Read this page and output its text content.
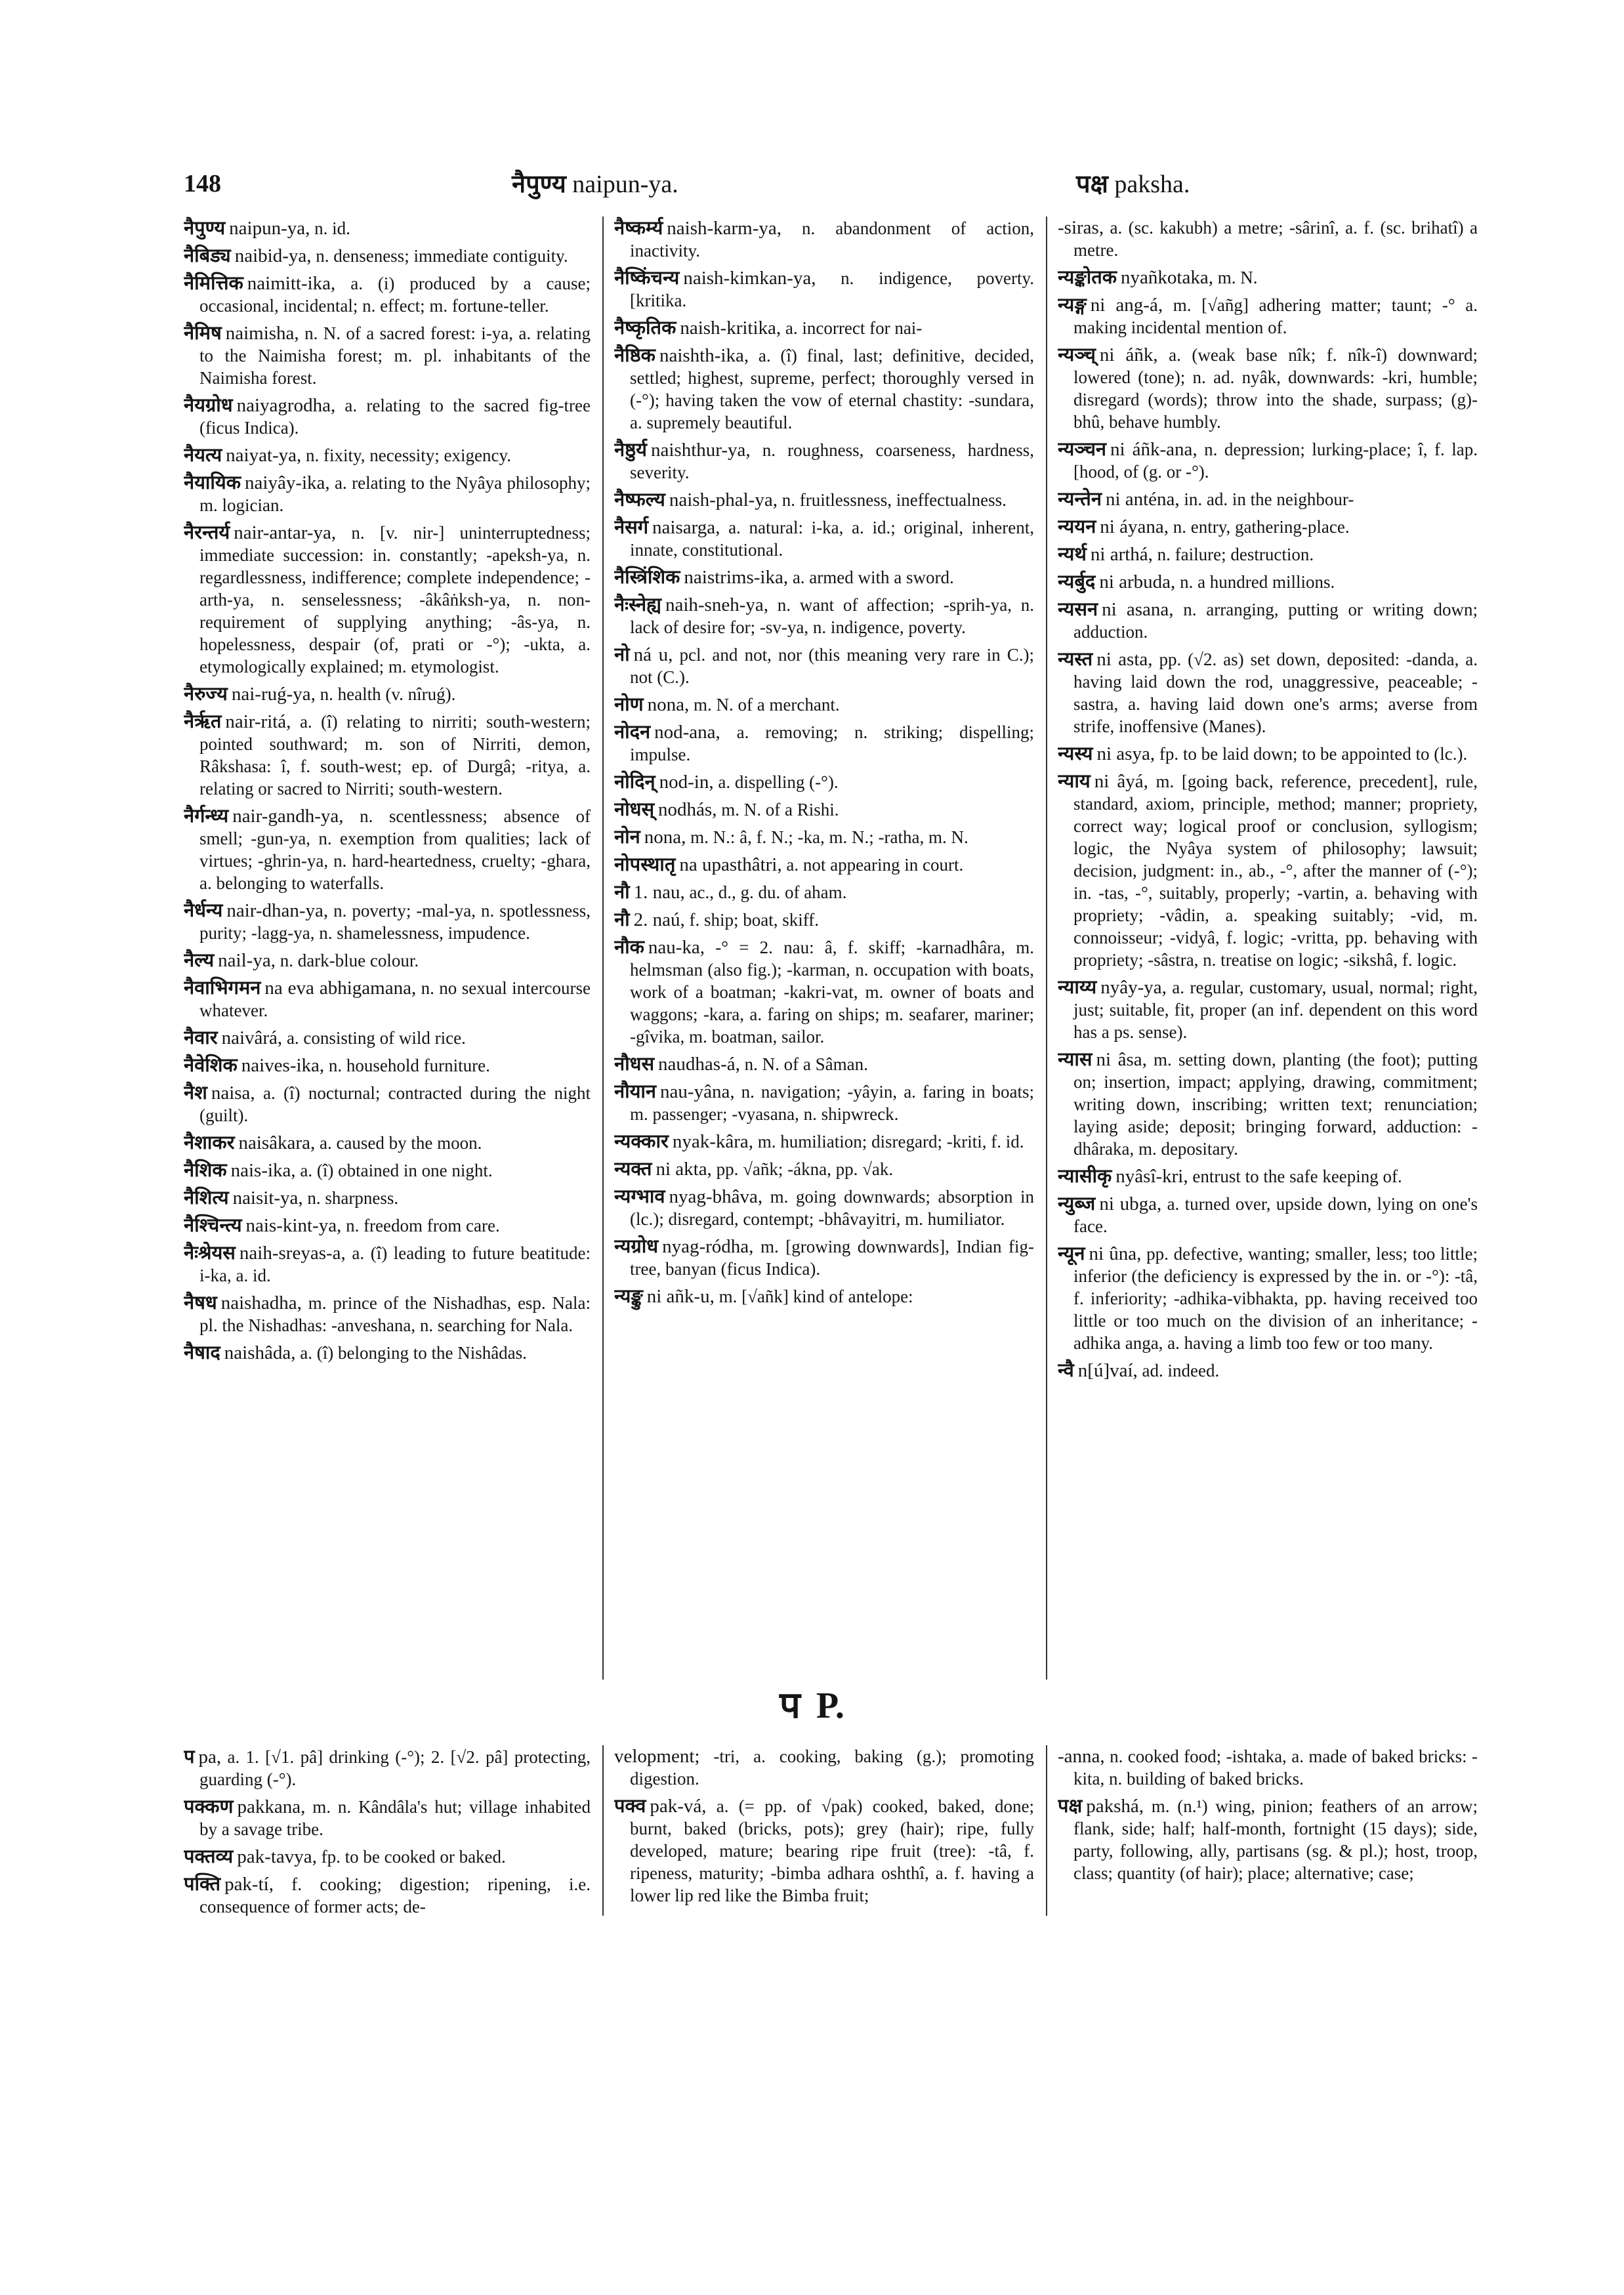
148	नैपुण्य naipun-ya.	पक्ष paksha.

नैपुण्य naipun-ya, n. id.

नैबिड्य naibid-ya, n. denseness; immediate contiguity.

नैमित्तिक naimitt-ika, a. (i) produced by a cause; occasional, incidental; n. effect; m. fortune-teller.

नैमिष naimisha, n. N. of a sacred forest: i-ya, a. relating to the Naimisha forest; m. pl. inhabitants of the Naimisha forest.

नैयग्रोध naiyagrodha, a. relating to the sacred fig-tree (ficus Indica).

नैयत्य naiyat-ya, n. fixity, necessity; exigency.

नैयायिक naiyây-ika, a. relating to the Nyâya philosophy; m. logician.

नैरन्तर्य nair-antar-ya, n. [v. nir-] uninterruptedness; immediate succession: in. constantly; -apeksh-ya, n. regardlessness, indifference; complete independence; -arth-ya, n. senselessness; -âkâṅksh-ya, n. non-requirement of supplying anything; -âs-ya, n. hopelessness, despair (of, prati or -°); -ukta, a. etymologically explained; m. etymologist.

नैरुज्य nai-ruǵ-ya, n. health (v. nîruǵ).

नैर्ऋत nair-ritá, a. (î) relating to nirriti; south-western; pointed southward; m. son of Nirriti, demon, Râkshasa: î, f. south-west; ep. of Durgâ; -ritya, a. relating or sacred to Nirriti; south-western.

नैर्गन्ध्य nair-gandh-ya, n. scentlessness; absence of smell; -gun-ya, n. exemption from qualities; lack of virtues; -ghrin-ya, n. hard-heartedness, cruelty; -ghara, a. belonging to waterfalls.

नैर्धन्य nair-dhan-ya, n. poverty; -mal-ya, n. spotlessness, purity; -lagg-ya, n. shamelessness, impudence.

नैल्य nail-ya, n. dark-blue colour.

नैवाभिगमन na eva abhigamana, n. no sexual intercourse whatever.

नैवार naivârá, a. consisting of wild rice.

नैवेशिक naives-ika, n. household furniture.

नैश naisa, a. (î) nocturnal; contracted during the night (guilt).

नैशाकर naisâkara, a. caused by the moon.

नैशिक nais-ika, a. (î) obtained in one night.

नैशित्य naisit-ya, n. sharpness.

नैश्चिन्त्य nais-kint-ya, n. freedom from care.

नैःश्रेयस naih-sreyas-a, a. (î) leading to future beatitude: i-ka, a. id.

नैषध naishadha, m. prince of the Nishadhas, esp. Nala: pl. the Nishadhas: -anveshana, n. searching for Nala.

नैषाद naishâda, a. (î) belonging to the Nishâdas.

नैष्कर्म्य naish-karm-ya, n. abandonment of action, inactivity.

नैष्किंचन्य naish-kimkan-ya, n. indigence, poverty. [kritika.

नैष्कृतिक naish-kritika, a. incorrect for nai-

नैष्ठिक naishth-ika, a. (î) final, last; definitive, decided, settled; highest, supreme, perfect; thoroughly versed in (-°); having taken the vow of eternal chastity: -sundara, a. supremely beautiful.

नैष्ठुर्य naishthur-ya, n. roughness, coarseness, hardness, severity.

नैष्फल्य naish-phal-ya, n. fruitlessness, ineffectualness.

नैसर्ग naisarga, a. natural: i-ka, a. id.; original, inherent, innate, constitutional.

नैस्त्रिंशिक naistrims-ika, a. armed with a sword.

नैःस्नेह्य naih-sneh-ya, n. want of affection; -sprih-ya, n. lack of desire for; -sv-ya, n. indigence, poverty.

नो ná u, pcl. and not, nor (this meaning very rare in C.); not (C.).

नोण nona, m. N. of a merchant.

नोदन nod-ana, a. removing; n. striking; dispelling; impulse.

नोदिन् nod-in, a. dispelling (-°).

नोधस् nodhás, m. N. of a Rishi.

नोन nona, m. N.: â, f. N.; -ka, m. N.; -ratha, m. N.

नोपस्थातृ na upasthâtri, a. not appearing in court.

नौ 1. nau, ac., d., g. du. of aham.

नौ 2. naú, f. ship; boat, skiff.

नौक nau-ka, -° = 2. nau: â, f. skiff; -karnadhâra, m. helmsman (also fig.); -karman, n. occupation with boats, work of a boatman; -kakri-vat, m. owner of boats and waggons; -kara, a. faring on ships; m. seafarer, mariner; -gîvika, m. boatman, sailor.

नौधस naudhas-á, n. N. of a Sâman.

नौयान nau-yâna, n. navigation; -yâyin, a. faring in boats; m. passenger; -vyasana, n. shipwreck.

न्यक्कार nyak-kâra, m. humiliation; disregard; -kriti, f. id.

न्यक्त ni akta, pp. √añk; -ákna, pp. √ak.

न्यग्भाव nyag-bhâva, m. going downwards; absorption in (lc.); disregard, contempt; -bhâvayitri, m. humiliator.

न्यग्रोध nyag-ródha, m. [growing downwards], Indian fig-tree, banyan (ficus Indica).

न्यङ्कु ni añk-u, m. [√añk] kind of antelope:

-siras, a. (sc. kakubh) a metre; -sârinî, a. f. (sc. brihatî) a metre.

न्यङ्कोतक nyañkotaka, m. N.

न्यङ्ग ni ang-á, m. [√añg] adhering matter; taunt; -° a. making incidental mention of.

न्यञ्च् ni áñk, a. (weak base nîk; f. nîk-î) downward; lowered (tone); n. ad. nyâk, downwards: -kri, humble; disregard (words); throw into the shade, surpass; (g)-bhû, behave humbly.

न्यञ्चन ni áñk-ana, n. depression; lurking-place; î, f. lap. [hood, of (g. or -°).

न्यन्तेन ni anténa, in. ad. in the neighbour-

न्ययन ni áyana, n. entry, gathering-place.

न्यर्थ ni arthá, n. failure; destruction.

न्यर्बुद ni arbuda, n. a hundred millions.

न्यसन ni asana, n. arranging, putting or writing down; adduction.

न्यस्त ni asta, pp. (√2. as) set down, deposited: -danda, a. having laid down the rod, unaggressive, peaceable; -sastra, a. having laid down one's arms; averse from strife, inoffensive (Manes).

न्यस्य ni asya, fp. to be laid down; to be appointed to (lc.).

न्याय ni âyá, m. [going back, reference, precedent], rule, standard, axiom, principle, method; manner; propriety, correct way; logical proof or conclusion, syllogism; logic, the Nyâya system of philosophy; lawsuit; decision, judgment: in., ab., -°, after the manner of (-°); in. -tas, -°, suitably, properly; -vartin, a. behaving with propriety; -vâdin, a. speaking suitably; -vid, m. connoisseur; -vidyâ, f. logic; -vritta, pp. behaving with propriety; -sâstra, n. treatise on logic; -sikshâ, f. logic.

न्याय्य nyây-ya, a. regular, customary, usual, normal; right, just; suitable, fit, proper (an inf. dependent on this word has a ps. sense).

न्यास ni âsa, m. setting down, planting (the foot); putting on; insertion, impact; applying, drawing, commitment; writing down, inscribing; written text; renunciation; laying aside; deposit; bringing forward, adduction: -dhâraka, m. depositary.

न्यासीकृ nyâsî-kri, entrust to the safe keeping of.

न्युब्ज ni ubga, a. turned over, upside down, lying on one's face.

न्यून ni ûna, pp. defective, wanting; smaller, less; too little; inferior (the deficiency is expressed by the in. or -°): -tâ, f. inferiority; -adhika-vibhakta, pp. having received too little or too much on the division of an inheritance; -adhika anga, a. having a limb too few or too many.

न्वै n[ú]vaí, ad. indeed.

प P.

प pa, a. 1. [√1. pâ] drinking (-°); 2. [√2. pâ] protecting, guarding (-°).

पक्कण pakkana, m. n. Kândâla's hut; village inhabited by a savage tribe.

पक्तव्य pak-tavya, fp. to be cooked or baked.

पक्ति pak-tí, f. cooking; digestion; ripening, i.e. consequence of former acts; de-

velopment; -tri, a. cooking, baking (g.); promoting digestion.

पक्व pak-vá, a. (= pp. of √pak) cooked, baked, done; burnt, baked (bricks, pots); grey (hair); ripe, fully developed, mature; bearing ripe fruit (tree): -tâ, f. ripeness, maturity; -bimba adhara oshthî, a. f. having a lower lip red like the Bimba fruit;

-anna, n. cooked food; -ishtaka, a. made of baked bricks: -kita, n. building of baked bricks.

पक्ष pakshá, m. (n.¹) wing, pinion; feathers of an arrow; flank, side; half; half-month, fortnight (15 days); side, party, following, ally, partisans (sg. & pl.); host, troop, class; quantity (of hair); place; alternative; case;
